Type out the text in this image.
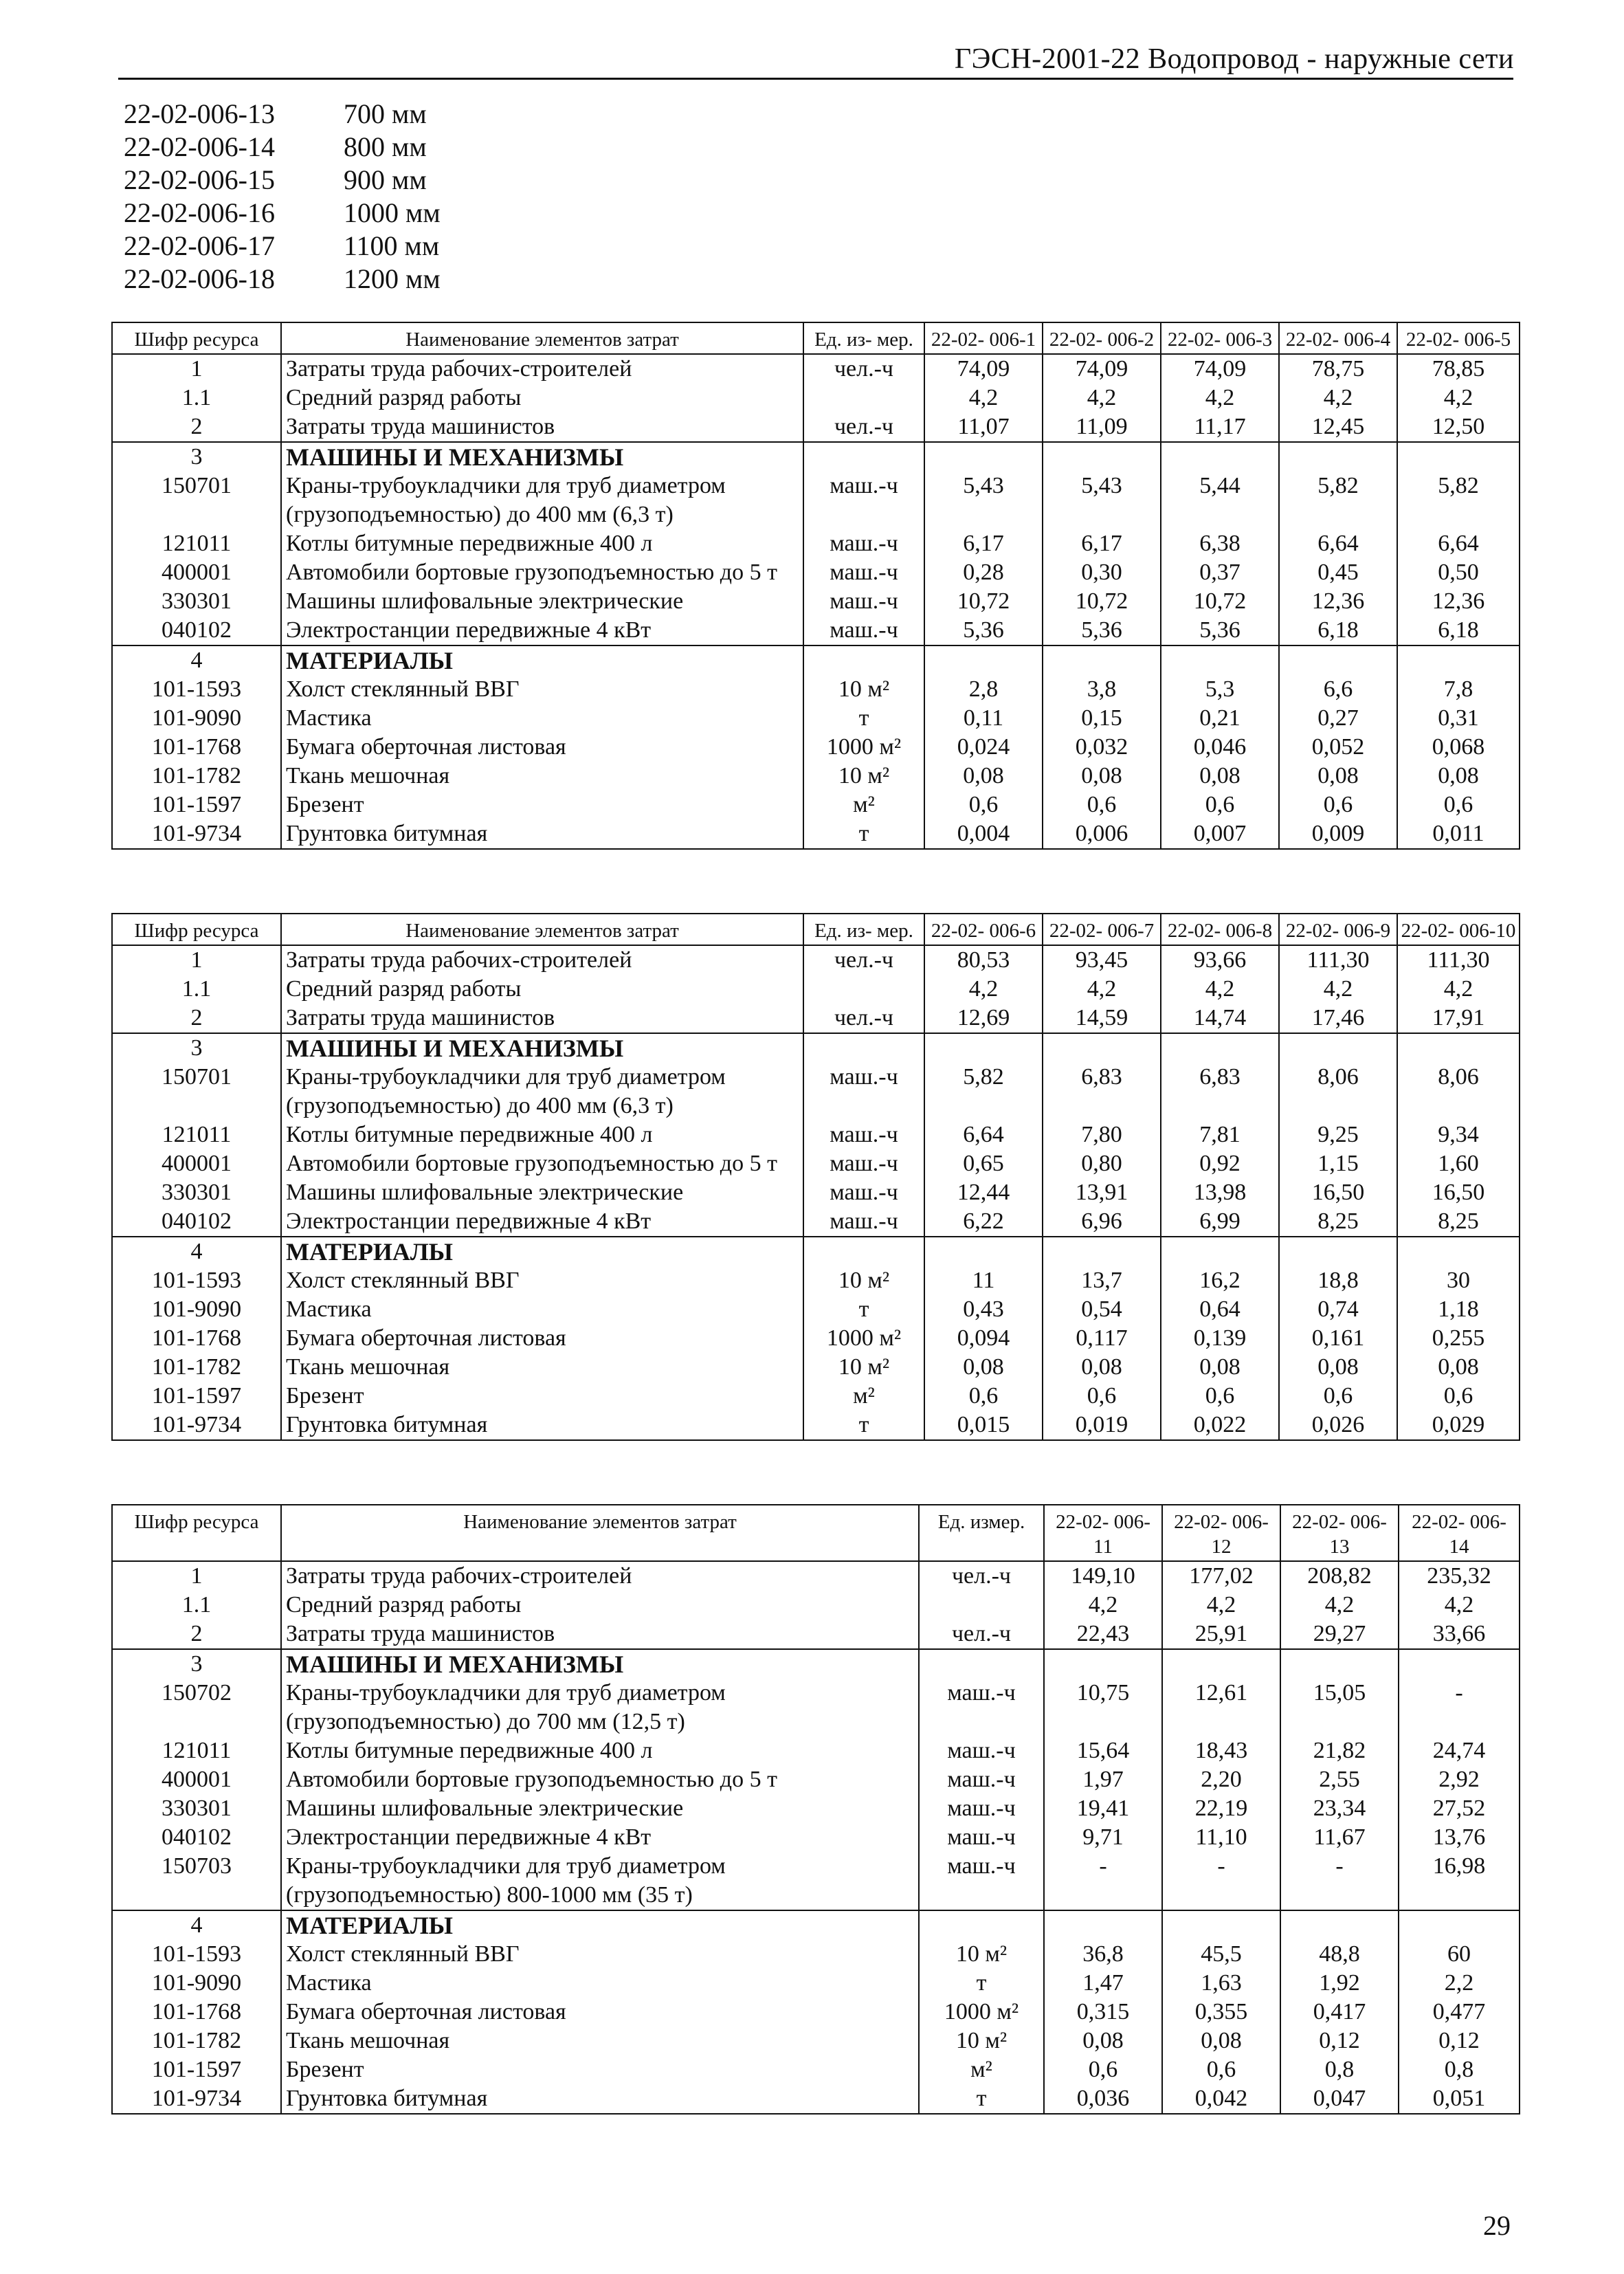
ГЭСН-2001-22 Водопровод - наружные сети
22-02-006-13	700 мм
22-02-006-14	800 мм
22-02-006-15	900 мм
22-02-006-16	1000 мм
22-02-006-17	1100 мм
22-02-006-18	1200 мм
Шифр ресурса	Наименование элементов затрат	Ед. из- мер.	22-02- 006-1	22-02- 006-2	22-02- 006-3	22-02- 006-4	22-02- 006-5
1	Затраты труда рабочих-строителей	чел.-ч	74,09	74,09	74,09	78,75	78,85
1.1	Средний разряд работы		4,2	4,2	4,2	4,2	4,2
2	Затраты труда машинистов	чел.-ч	11,07	11,09	11,17	12,45	12,50
3	МАШИНЫ И МЕХАНИЗМЫ						
150701	Краны-трубоукладчики для труб диаметром (грузоподъемностью) до 400 мм (6,3 т)	маш.-ч	5,43	5,43	5,44	5,82	5,82
121011	Котлы битумные передвижные 400 л	маш.-ч	6,17	6,17	6,38	6,64	6,64
400001	Автомобили бортовые грузоподъемностью до 5 т	маш.-ч	0,28	0,30	0,37	0,45	0,50
330301	Машины шлифовальные электрические	маш.-ч	10,72	10,72	10,72	12,36	12,36
040102	Электростанции передвижные 4 кВт	маш.-ч	5,36	5,36	5,36	6,18	6,18
4	МАТЕРИАЛЫ						
101-1593	Холст стеклянный ВВГ	10 м²	2,8	3,8	5,3	6,6	7,8
101-9090	Мастика	т	0,11	0,15	0,21	0,27	0,31
101-1768	Бумага оберточная листовая	1000 м²	0,024	0,032	0,046	0,052	0,068
101-1782	Ткань мешочная	10 м²	0,08	0,08	0,08	0,08	0,08
101-1597	Брезент	м²	0,6	0,6	0,6	0,6	0,6
101-9734	Грунтовка битумная	т	0,004	0,006	0,007	0,009	0,011
Шифр ресурса	Наименование элементов затрат	Ед. из- мер.	22-02- 006-6	22-02- 006-7	22-02- 006-8	22-02- 006-9	22-02- 006-10
1	Затраты труда рабочих-строителей	чел.-ч	80,53	93,45	93,66	111,30	111,30
1.1	Средний разряд работы		4,2	4,2	4,2	4,2	4,2
2	Затраты труда машинистов	чел.-ч	12,69	14,59	14,74	17,46	17,91
3	МАШИНЫ И МЕХАНИЗМЫ						
150701	Краны-трубоукладчики для труб диаметром (грузоподъемностью) до 400 мм (6,3 т)	маш.-ч	5,82	6,83	6,83	8,06	8,06
121011	Котлы битумные передвижные 400 л	маш.-ч	6,64	7,80	7,81	9,25	9,34
400001	Автомобили бортовые грузоподъемностью до 5 т	маш.-ч	0,65	0,80	0,92	1,15	1,60
330301	Машины шлифовальные электрические	маш.-ч	12,44	13,91	13,98	16,50	16,50
040102	Электростанции передвижные 4 кВт	маш.-ч	6,22	6,96	6,99	8,25	8,25
4	МАТЕРИАЛЫ						
101-1593	Холст стеклянный ВВГ	10 м²	11	13,7	16,2	18,8	30
101-9090	Мастика	т	0,43	0,54	0,64	0,74	1,18
101-1768	Бумага оберточная листовая	1000 м²	0,094	0,117	0,139	0,161	0,255
101-1782	Ткань мешочная	10 м²	0,08	0,08	0,08	0,08	0,08
101-1597	Брезент	м²	0,6	0,6	0,6	0,6	0,6
101-9734	Грунтовка битумная	т	0,015	0,019	0,022	0,026	0,029
Шифр ресурса	Наименование элементов затрат	Ед. измер.	22-02- 006-11	22-02- 006-12	22-02- 006-13	22-02- 006-14
1	Затраты труда рабочих-строителей	чел.-ч	149,10	177,02	208,82	235,32
1.1	Средний разряд работы		4,2	4,2	4,2	4,2
2	Затраты труда машинистов	чел.-ч	22,43	25,91	29,27	33,66
3	МАШИНЫ И МЕХАНИЗМЫ					
150702	Краны-трубоукладчики для труб диаметром (грузоподъемностью) до 700 мм (12,5 т)	маш.-ч	10,75	12,61	15,05	-
121011	Котлы битумные передвижные 400 л	маш.-ч	15,64	18,43	21,82	24,74
400001	Автомобили бортовые грузоподъемностью до 5 т	маш.-ч	1,97	2,20	2,55	2,92
330301	Машины шлифовальные электрические	маш.-ч	19,41	22,19	23,34	27,52
040102	Электростанции передвижные 4 кВт	маш.-ч	9,71	11,10	11,67	13,76
150703	Краны-трубоукладчики для труб диаметром (грузоподъемностью) 800-1000 мм (35 т)	маш.-ч	-	-	-	16,98
4	МАТЕРИАЛЫ					
101-1593	Холст стеклянный ВВГ	10 м²	36,8	45,5	48,8	60
101-9090	Мастика	т	1,47	1,63	1,92	2,2
101-1768	Бумага оберточная листовая	1000 м²	0,315	0,355	0,417	0,477
101-1782	Ткань мешочная	10 м²	0,08	0,08	0,12	0,12
101-1597	Брезент	м²	0,6	0,6	0,8	0,8
101-9734	Грунтовка битумная	т	0,036	0,042	0,047	0,051
29
